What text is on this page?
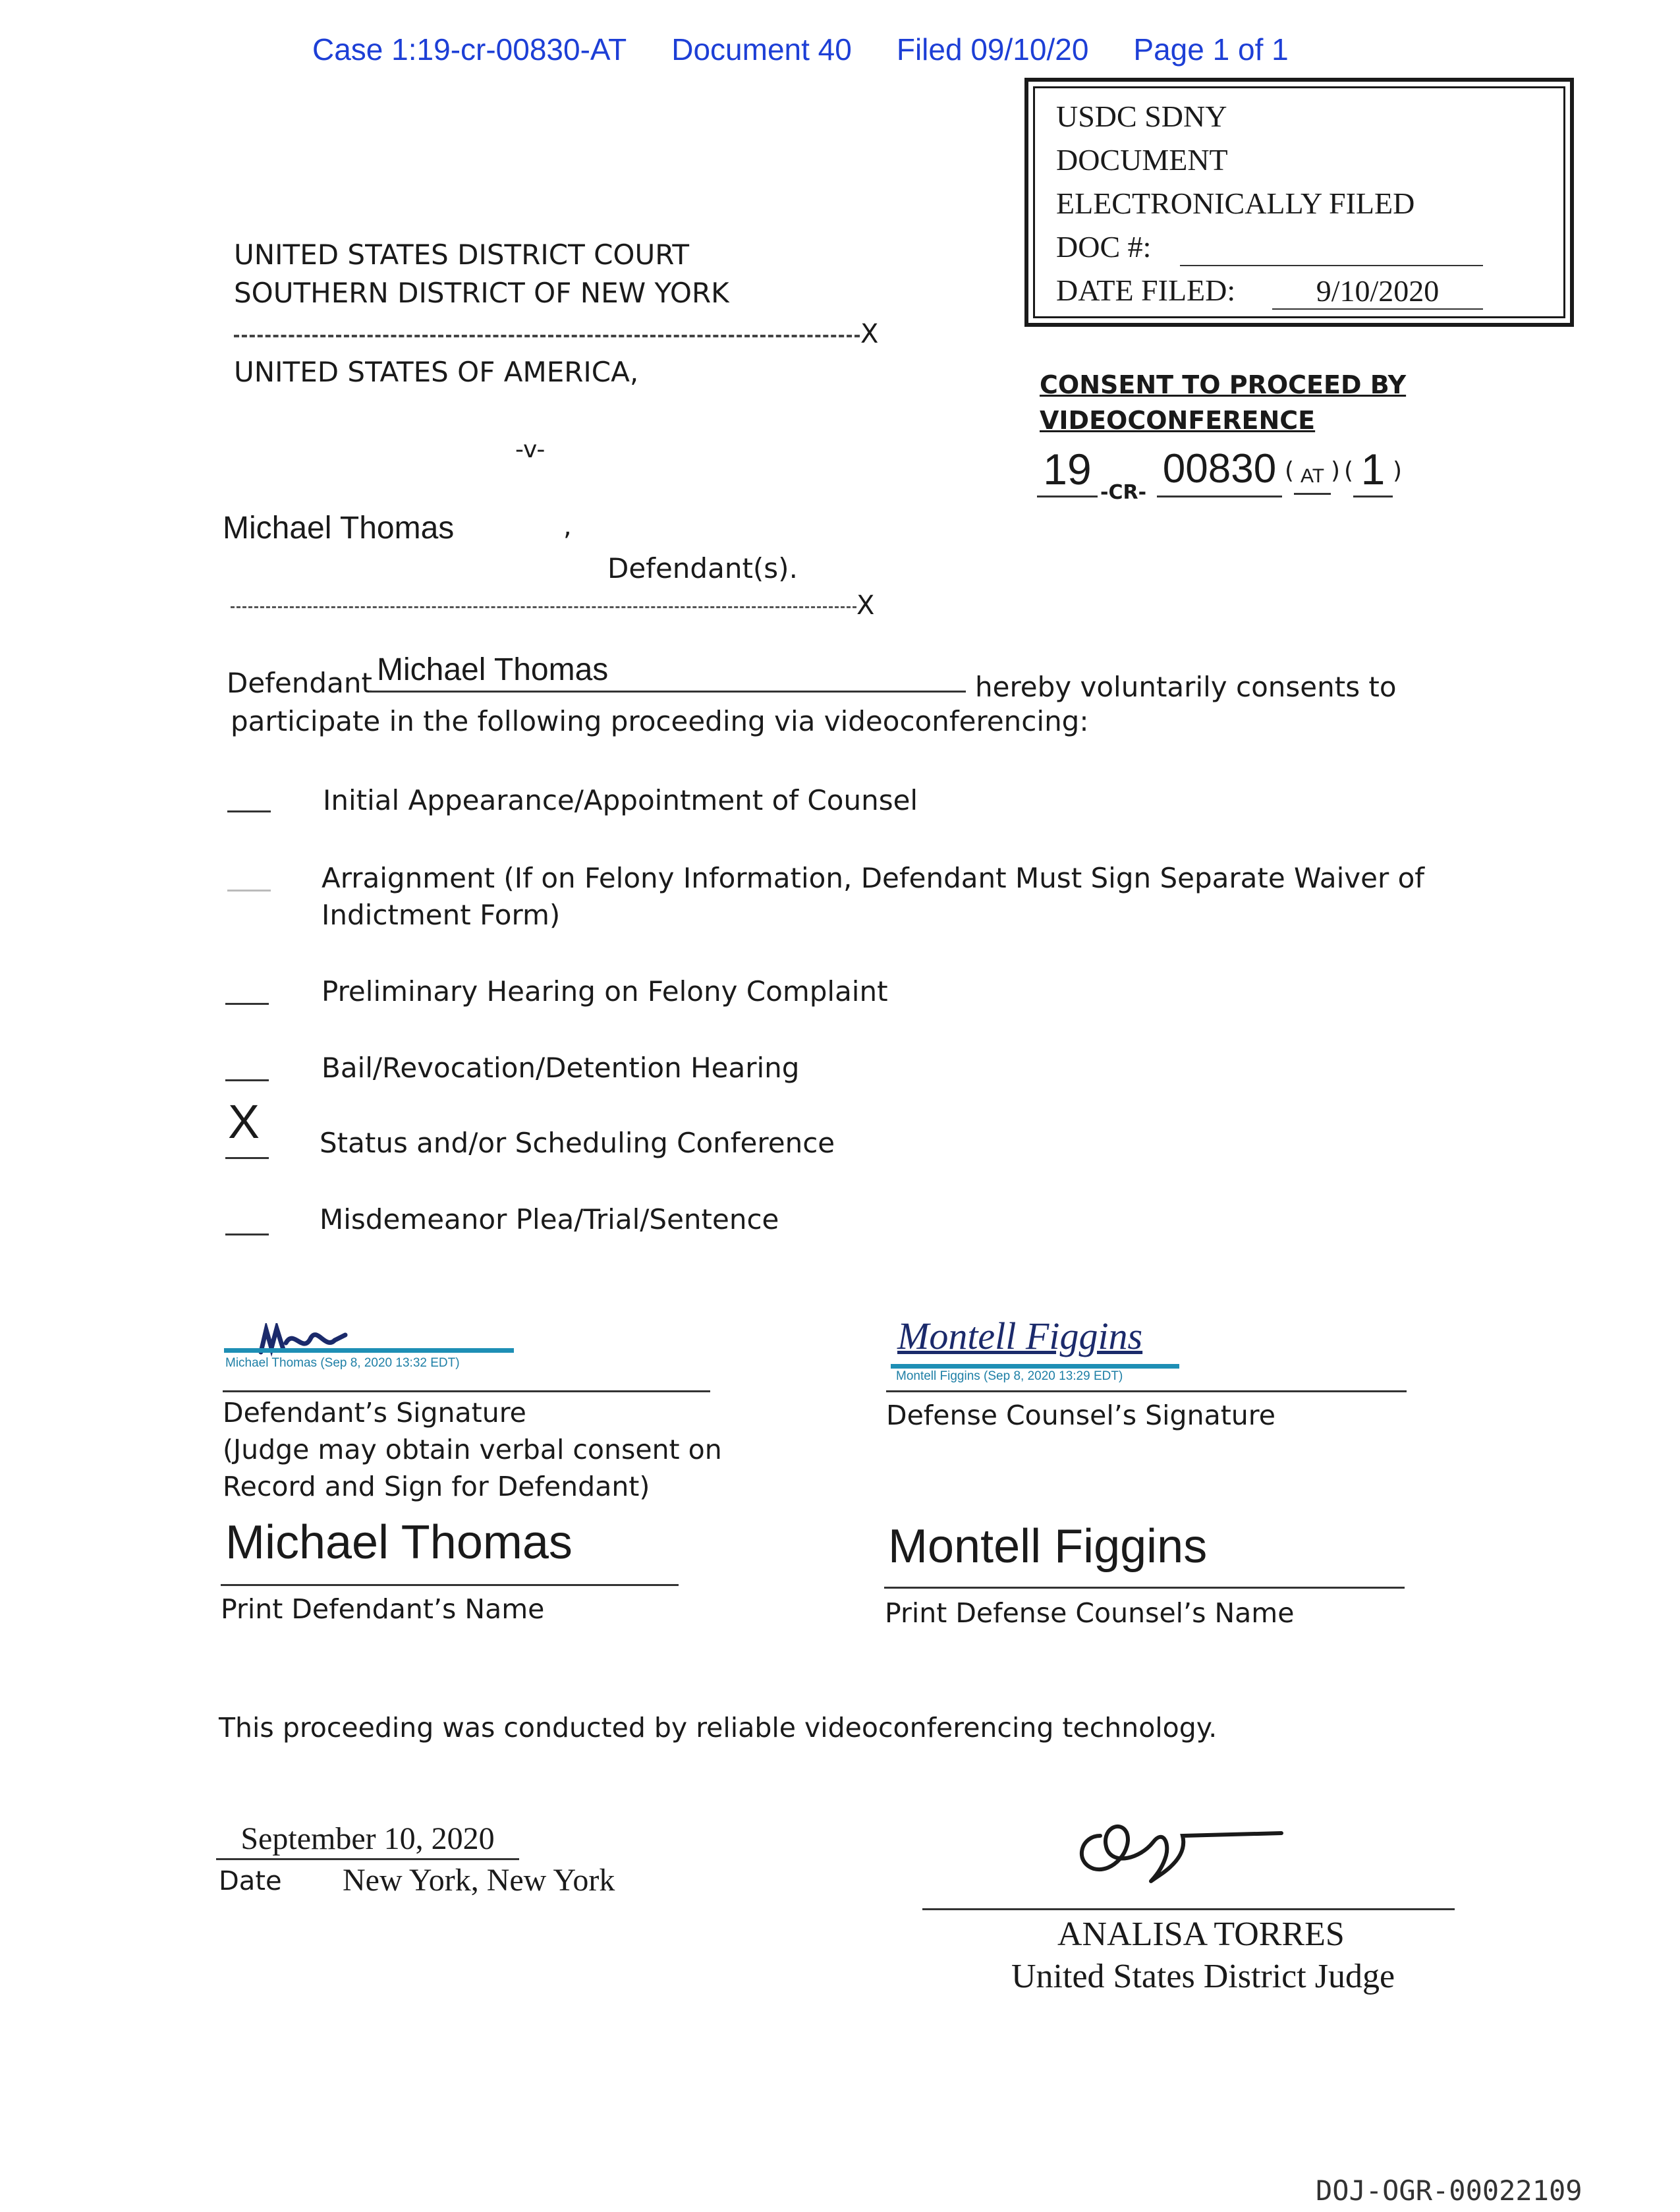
Case 1:19-cr-00830-AT Document 40 Filed 09/10/20 Page 1 of 1
USDC SDNY
DOCUMENT
ELECTRONICALLY FILED
DOC #:
DATE FILED:	9/10/2020
UNITED STATES DISTRICT COURT
SOUTHERN DISTRICT OF NEW YORK
X
UNITED STATES OF AMERICA,
-v-
Michael Thomas	,
Defendant(s).
X
CONSENT TO PROCEED BY
VIDEOCONFERENCE
19 -CR-
00830 ( AT ) ( 1 )
Defendant Michael Thomas	hereby voluntarily consents to
participate in the following proceeding via videoconferencing:
Initial Appearance/Appointment of Counsel
Arraignment (If on Felony Information, Defendant Must Sign Separate Waiver of
Indictment Form)
Preliminary Hearing on Felony Complaint
Bail/Revocation/Detention Hearing
X Status and/or Scheduling Conference
Misdemeanor Plea/Trial/Sentence
Michael Thomas (Sep 8, 2020 13:32 EDT)
Defendant’s Signature
(Judge may obtain verbal consent on
Record and Sign for Defendant)
Michael Thomas
Print Defendant’s Name
Montell Figgins
Montell Figgins (Sep 8, 2020 13:29 EDT)
Defense Counsel’s Signature
Montell Figgins
Print Defense Counsel’s Name
This proceeding was conducted by reliable videoconferencing technology.
September 10, 2020
Date New York, New York
ANALISA TORRES
United States District Judge
DOJ-OGR-00022109
